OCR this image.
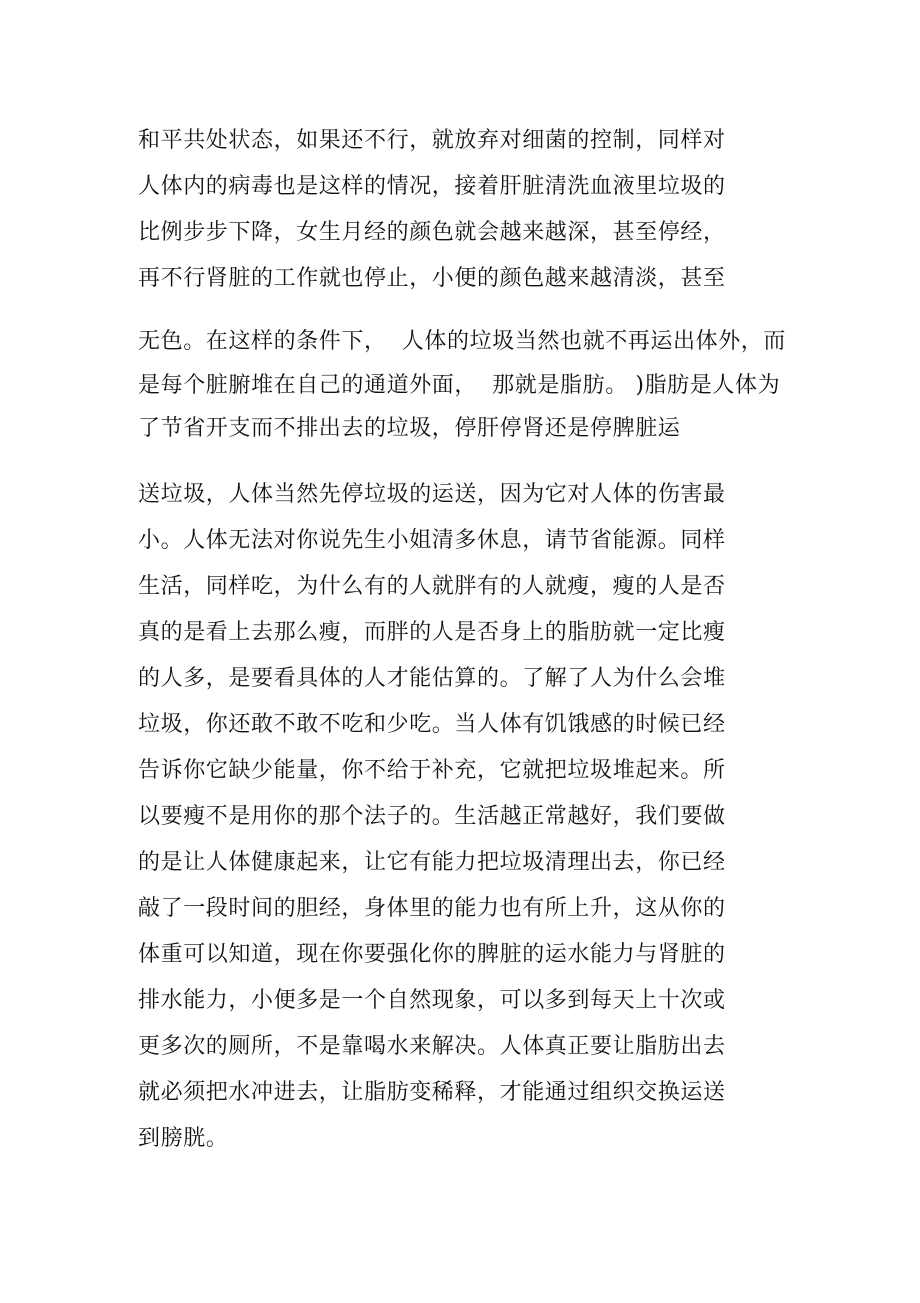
和平共处状态，如果还不行，就放弃对细菌的控制，同样对
人体内的病毒也是这样的情况，接着肝脏清洗血液里垃圾的
比例步步下降，女生月经的颜色就会越来越深，甚至停经，
再不行肾脏的工作就也停止，小便的颜色越来越清淡，甚至
无色。在这样的条件下，  人体的垃圾当然也就不再运出体外，而
是每个脏腑堆在自己的通道外面，  那就是脂肪。 )脂肪是人体为
了节省开支而不排出去的垃圾，停肝停肾还是停脾脏运
送垃圾，人体当然先停垃圾的运送，因为它对人体的伤害最
小。人体无法对你说先生小姐清多休息，请节省能源。同样
生活，同样吃，为什么有的人就胖有的人就瘦，瘦的人是否
真的是看上去那么瘦，而胖的人是否身上的脂肪就一定比瘦
的人多，是要看具体的人才能估算的。了解了人为什么会堆
垃圾，你还敢不敢不吃和少吃。当人体有饥饿感的时候已经
告诉你它缺少能量，你不给于补充，它就把垃圾堆起来。所
以要瘦不是用你的那个法子的。生活越正常越好，我们要做
的是让人体健康起来，让它有能力把垃圾清理出去，你已经
敲了一段时间的胆经，身体里的能力也有所上升，这从你的
体重可以知道，现在你要强化你的脾脏的运水能力与肾脏的
排水能力，小便多是一个自然现象，可以多到每天上十次或
更多次的厕所，不是靠喝水来解决。人体真正要让脂肪出去
就必须把水冲进去，让脂肪变稀释，才能通过组织交换运送
到膀胱。
